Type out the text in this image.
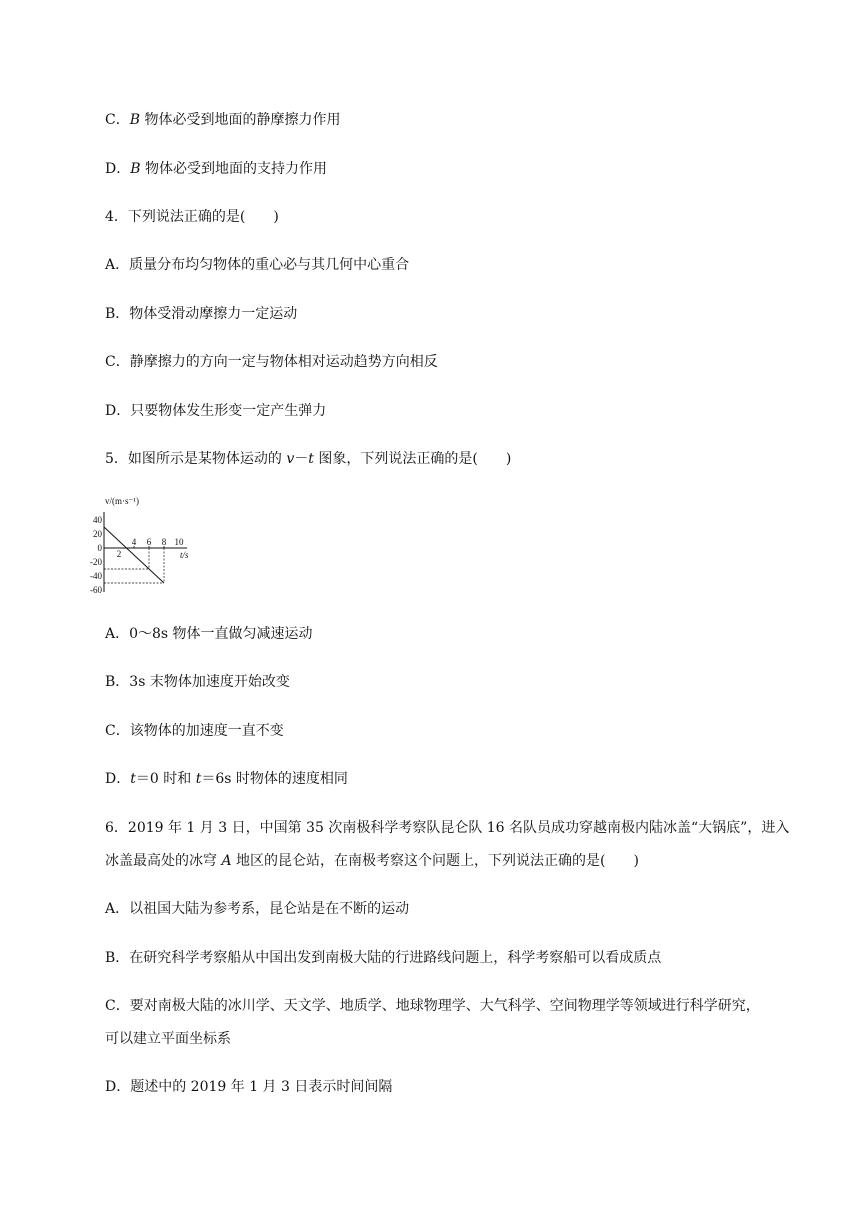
C．B 物体必受到地面的静摩擦力作用
D．B 物体必受到地面的支持力作用
4．下列说法正确的是(　　)
A．质量分布均匀物体的重心必与其几何中心重合
B．物体受滑动摩擦力一定运动
C．静摩擦力的方向一定与物体相对运动趋势方向相反
D．只要物体发生形变一定产生弹力
5．如图所示是某物体运动的 v－t 图象，下列说法正确的是(　　)
v/(m·s⁻¹)
t/s
40
20
0
-20
-40
-60
2
4 6 8 10
A．0～8s 物体一直做匀减速运动
B．3s 末物体加速度开始改变
C．该物体的加速度一直不变
D．t＝0 时和 t＝6s 时物体的速度相同
6．2019 年 1 月 3 日，中国第 35 次南极科学考察队昆仑队 16 名队员成功穿越南极内陆冰盖“大锅底”，进入
冰盖最高处的冰穹 A 地区的昆仑站，在南极考察这个问题上，下列说法正确的是(　　)
A．以祖国大陆为参考系，昆仑站是在不断的运动
B．在研究科学考察船从中国出发到南极大陆的行进路线问题上，科学考察船可以看成质点
C．要对南极大陆的冰川学、天文学、地质学、地球物理学、大气科学、空间物理学等领域进行科学研究，
可以建立平面坐标系
D．题述中的 2019 年 1 月 3 日表示时间间隔
